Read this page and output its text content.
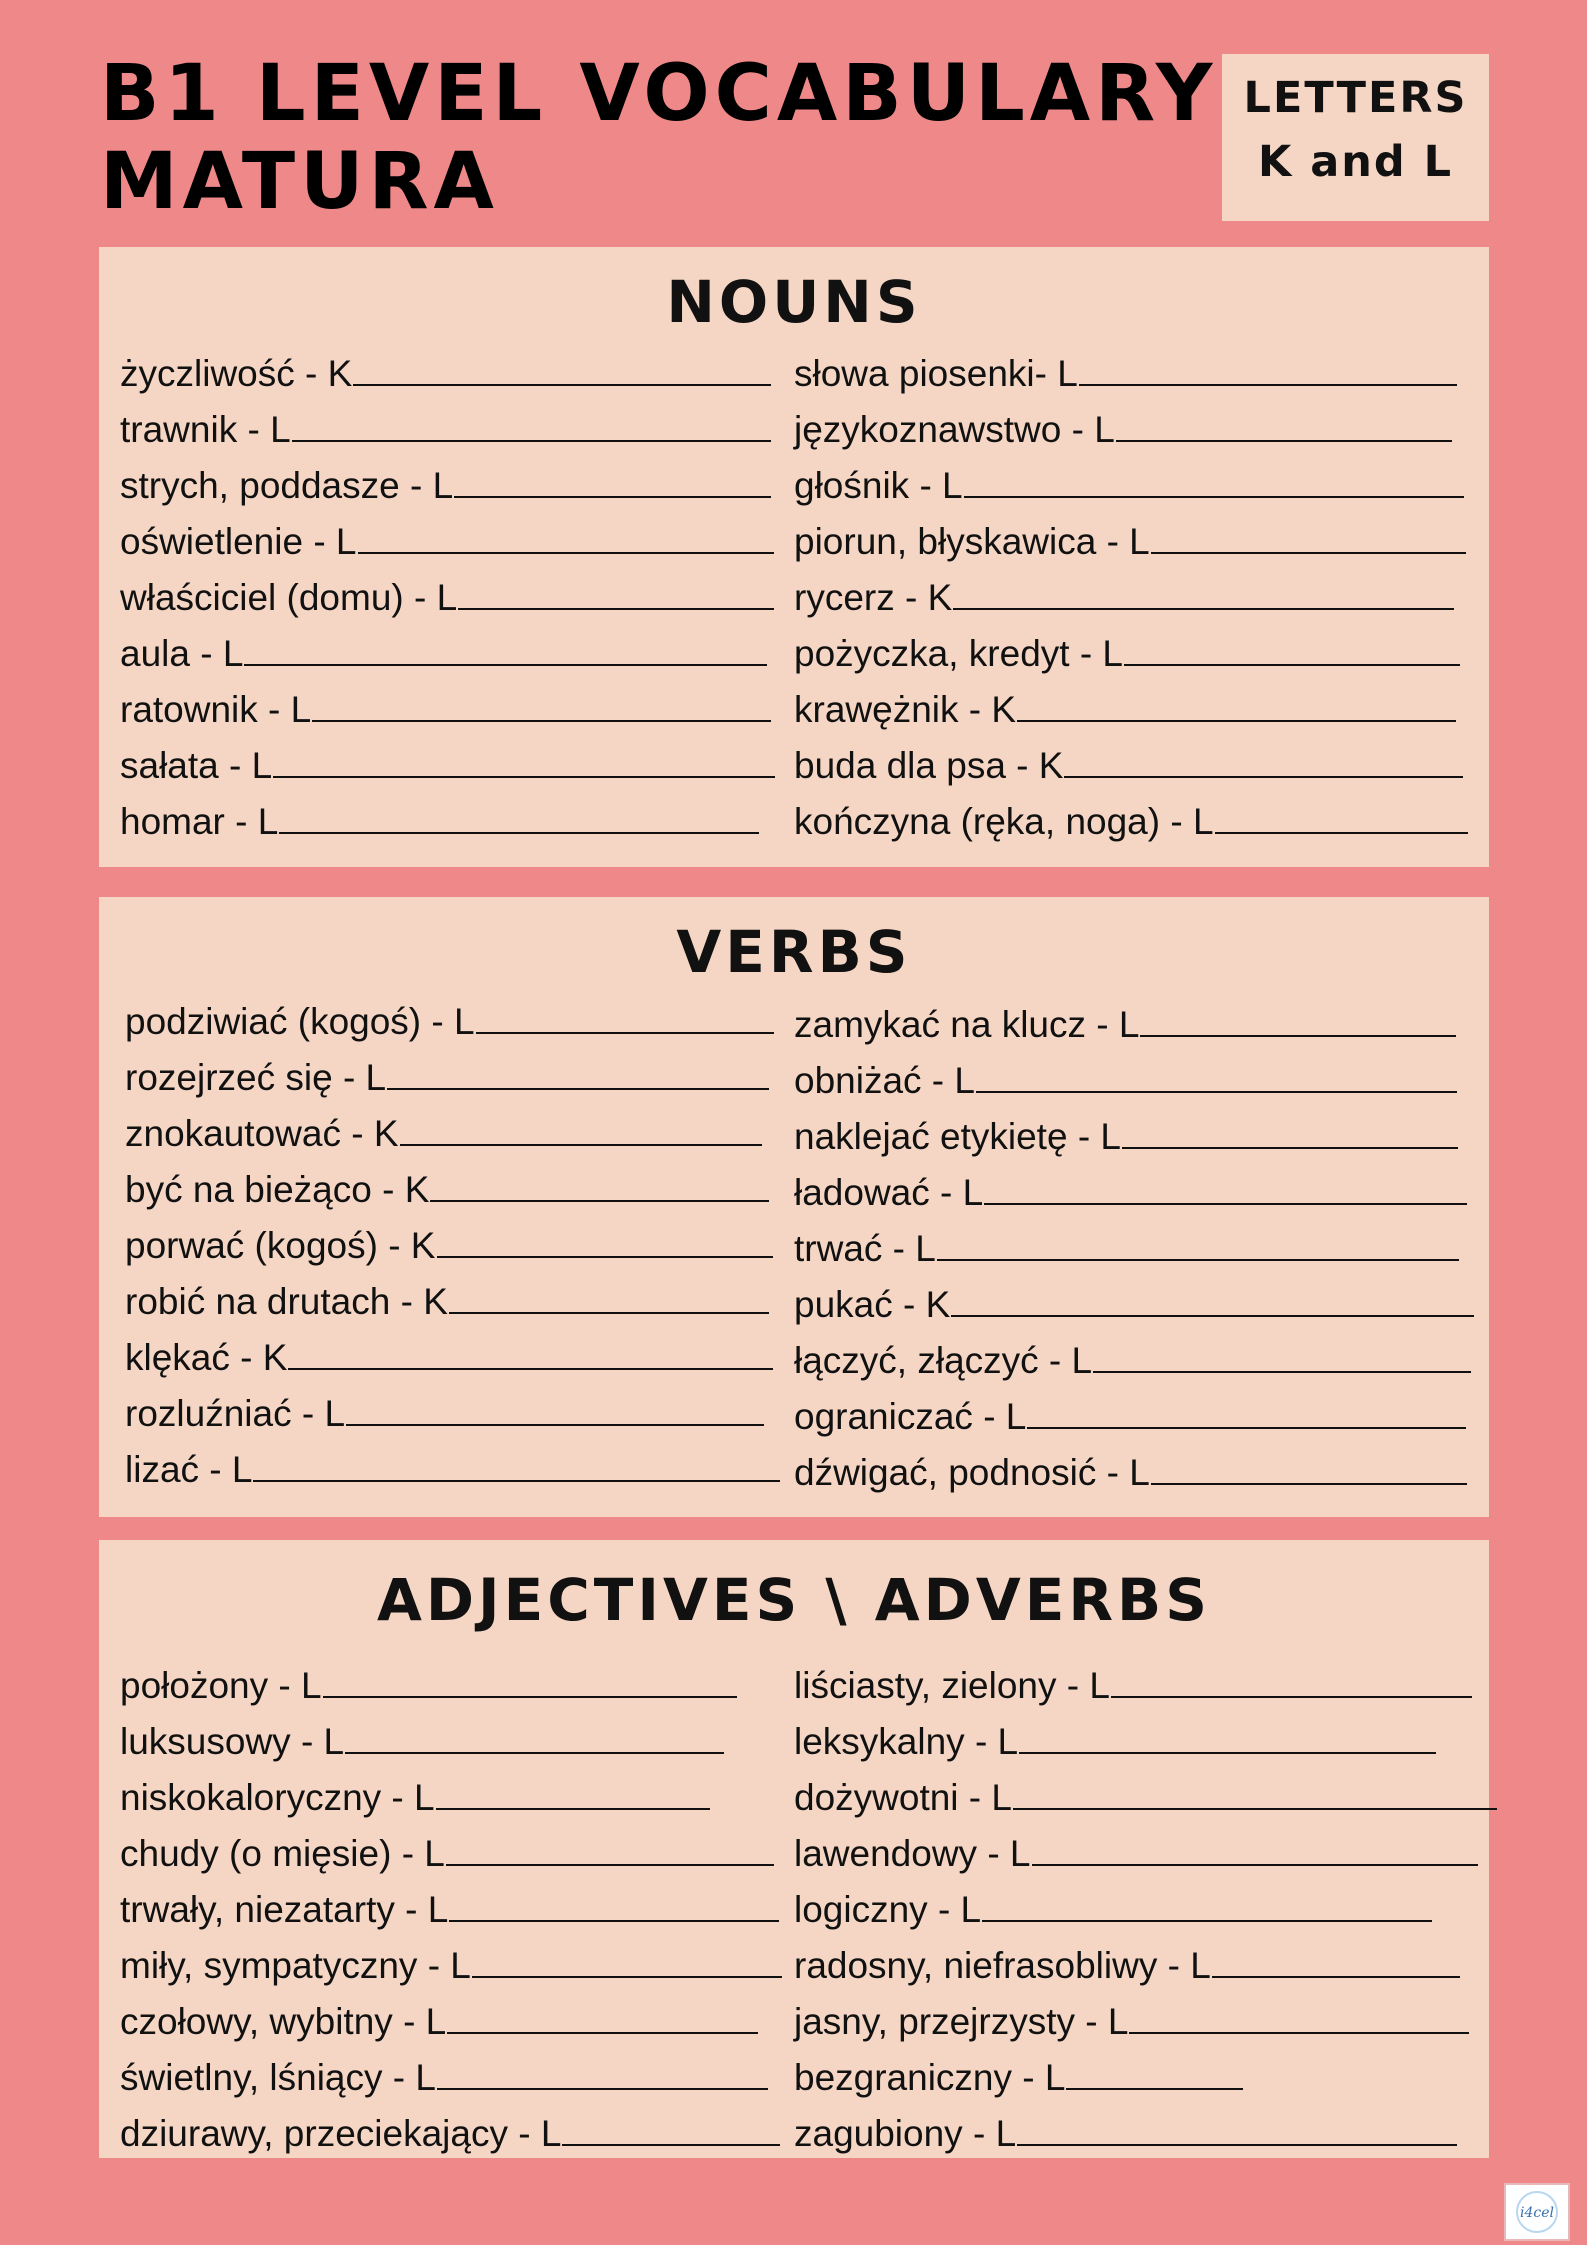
B1 LEVEL VOCABULARY
MATURA
LETTERS
K and L
NOUNS
życzliwość - K
trawnik - L
strych, poddasze - L
oświetlenie - L
właściciel (domu) - L
aula - L
ratownik - L
sałata - L
homar - L
słowa piosenki- L
językoznawstwo - L
głośnik - L
piorun, błyskawica - L
rycerz - K
pożyczka, kredyt - L
krawężnik - K
buda dla psa - K
kończyna (ręka, noga) - L
VERBS
podziwiać (kogoś) - L
rozejrzeć się - L
znokautować - K
być na bieżąco - K
porwać (kogoś) - K
robić na drutach - K
klękać - K
rozluźniać - L
lizać - L
zamykać na klucz - L
obniżać - L
naklejać etykietę - L
ładować - L
trwać - L
pukać - K
łączyć, złączyć - L
ograniczać - L
dźwigać, podnosić - L
ADJECTIVES \ ADVERBS
położony - L
luksusowy - L
niskokaloryczny - L
chudy (o mięsie) - L
trwały, niezatarty - L
miły, sympatyczny - L
czołowy, wybitny - L
świetlny, lśniący - L
dziurawy, przeciekający - L
liściasty, zielony - L
leksykalny - L
dożywotni - L
lawendowy - L
logiczny - L
radosny, niefrasobliwy - L
jasny, przejrzysty - L
bezgraniczny - L
zagubiony - L
i4cel
